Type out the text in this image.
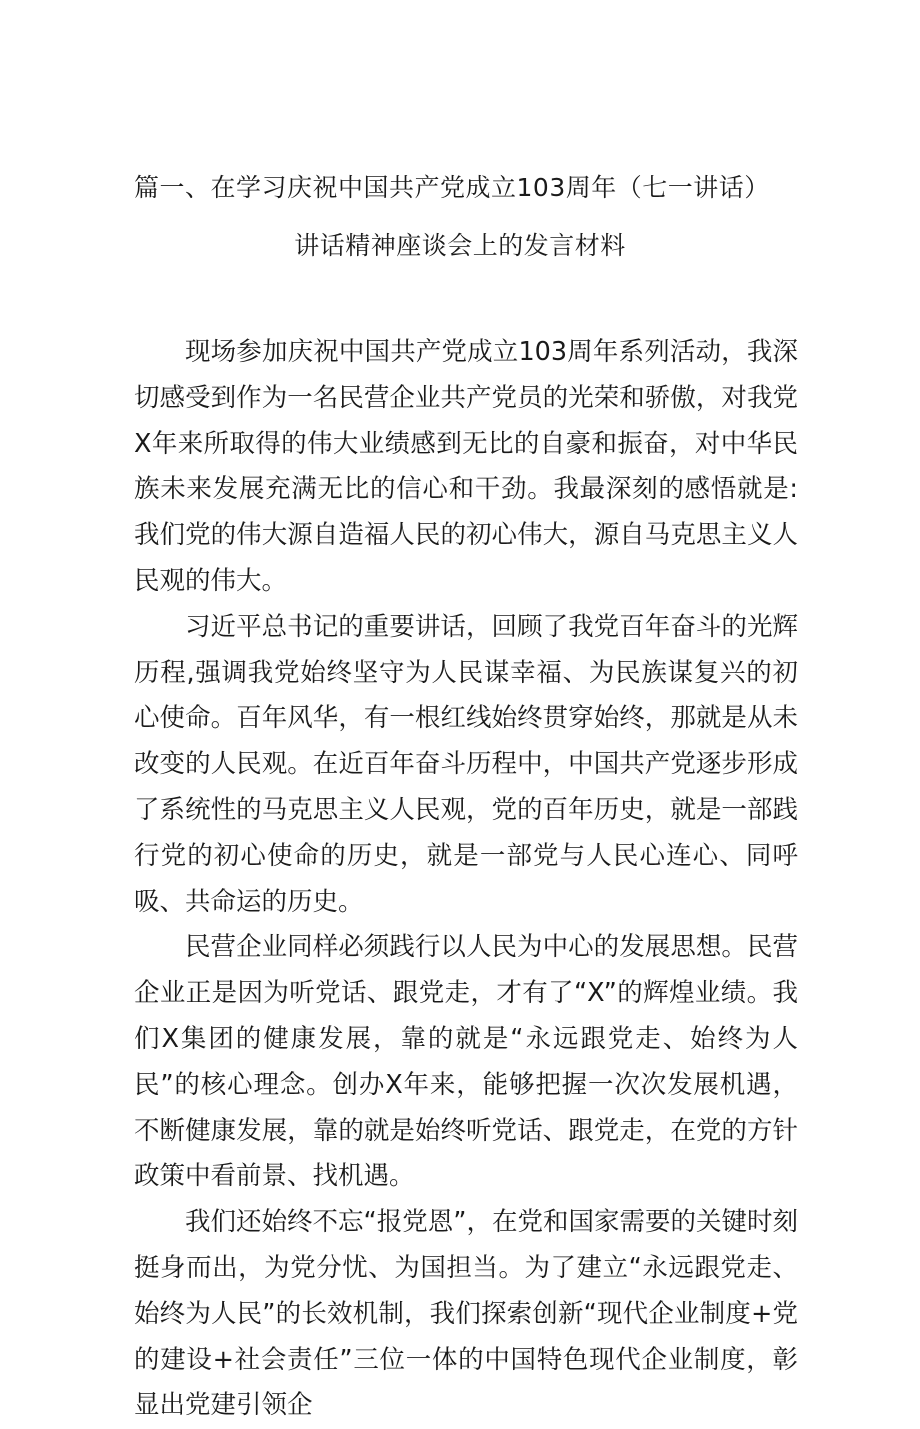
篇一、在学习庆祝中国共产党成立103周年（七一讲话）
讲话精神座谈会上的发言材料

现场参加庆祝中国共产党成立103周年系列活动，我深切感受到作为一名民营企业共产党员的光荣和骄傲，对我党X年来所取得的伟大业绩感到无比的自豪和振奋，对中华民族未来发展充满无比的信心和干劲。我最深刻的感悟就是:我们党的伟大源自造福人民的初心伟大，源自马克思主义人民观的伟大。

习近平总书记的重要讲话，回顾了我党百年奋斗的光辉历程,强调我党始终坚守为人民谋幸福、为民族谋复兴的初心使命。百年风华，有一根红线始终贯穿始终，那就是从未改变的人民观。在近百年奋斗历程中，中国共产党逐步形成了系统性的马克思主义人民观，党的百年历史，就是一部践行党的初心使命的历史，就是一部党与人民心连心、同呼吸、共命运的历史。

民营企业同样必须践行以人民为中心的发展思想。民营企业正是因为听党话、跟党走，才有了“X”的辉煌业绩。我们X集团的健康发展，靠的就是“永远跟党走、始终为人民”的核心理念。创办X年来，能够把握一次次发展机遇，不断健康发展，靠的就是始终听党话、跟党走，在党的方针政策中看前景、找机遇。

我们还始终不忘“报党恩”，在党和国家需要的关键时刻挺身而出，为党分忧、为国担当。为了建立“永远跟党走、始终为人民”的长效机制，我们探索创新“现代企业制度+党的建设+社会责任”三位一体的中国特色现代企业制度，彰显出党建引领企
